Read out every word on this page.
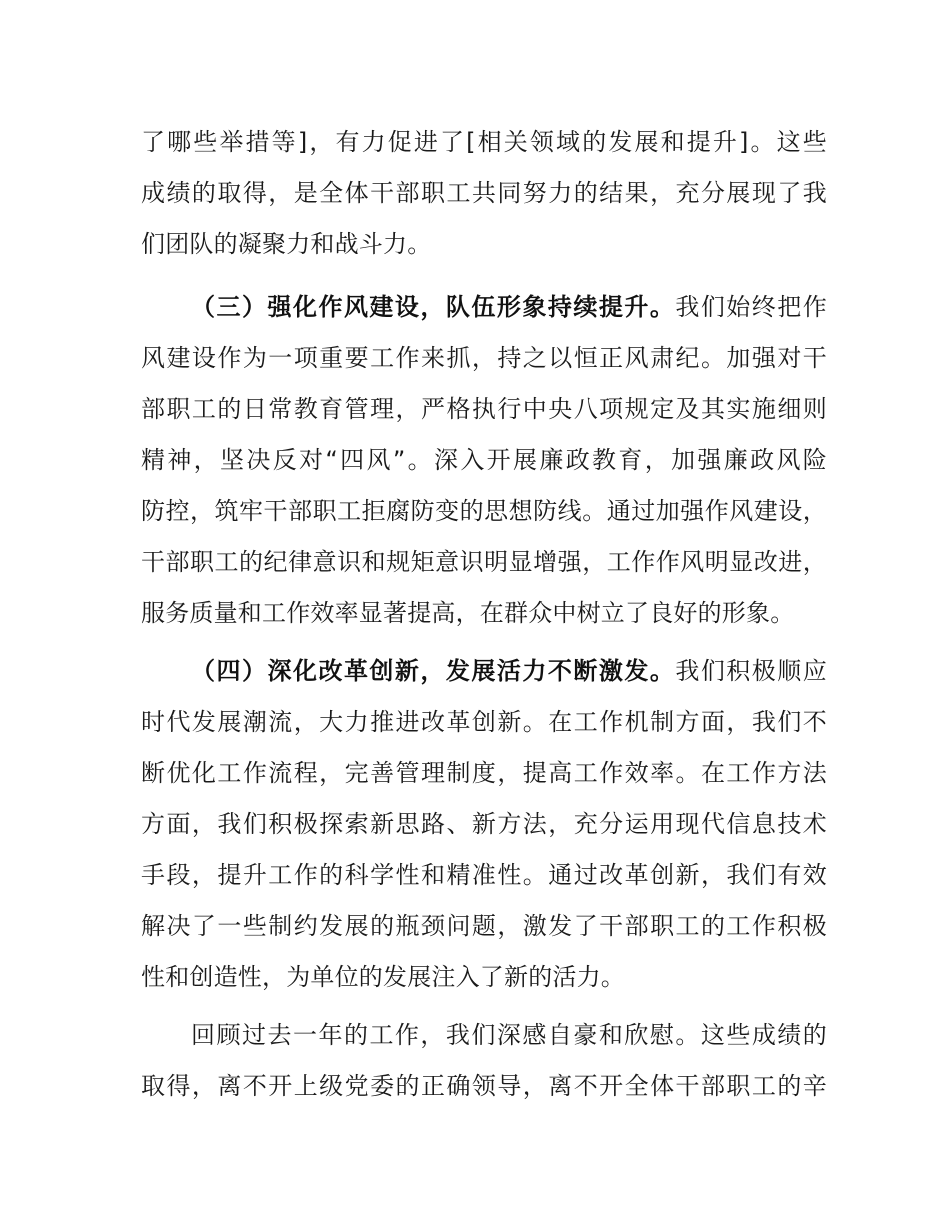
了哪些举措等]，有力促进了[相关领域的发展和提升]。这些
成绩的取得，是全体干部职工共同努力的结果，充分展现了我
们团队的凝聚力和战斗力。
（三）强化作风建设，队伍形象持续提升。我们始终把作
风建设作为一项重要工作来抓，持之以恒正风肃纪。加强对干
部职工的日常教育管理，严格执行中央八项规定及其实施细则
精神，坚决反对“四风”。深入开展廉政教育，加强廉政风险
防控，筑牢干部职工拒腐防变的思想防线。通过加强作风建设，
干部职工的纪律意识和规矩意识明显增强，工作作风明显改进，
服务质量和工作效率显著提高，在群众中树立了良好的形象。
（四）深化改革创新，发展活力不断激发。我们积极顺应
时代发展潮流，大力推进改革创新。在工作机制方面，我们不
断优化工作流程，完善管理制度，提高工作效率。在工作方法
方面，我们积极探索新思路、新方法，充分运用现代信息技术
手段，提升工作的科学性和精准性。通过改革创新，我们有效
解决了一些制约发展的瓶颈问题，激发了干部职工的工作积极
性和创造性，为单位的发展注入了新的活力。
回顾过去一年的工作，我们深感自豪和欣慰。这些成绩的
取得，离不开上级党委的正确领导，离不开全体干部职工的辛
